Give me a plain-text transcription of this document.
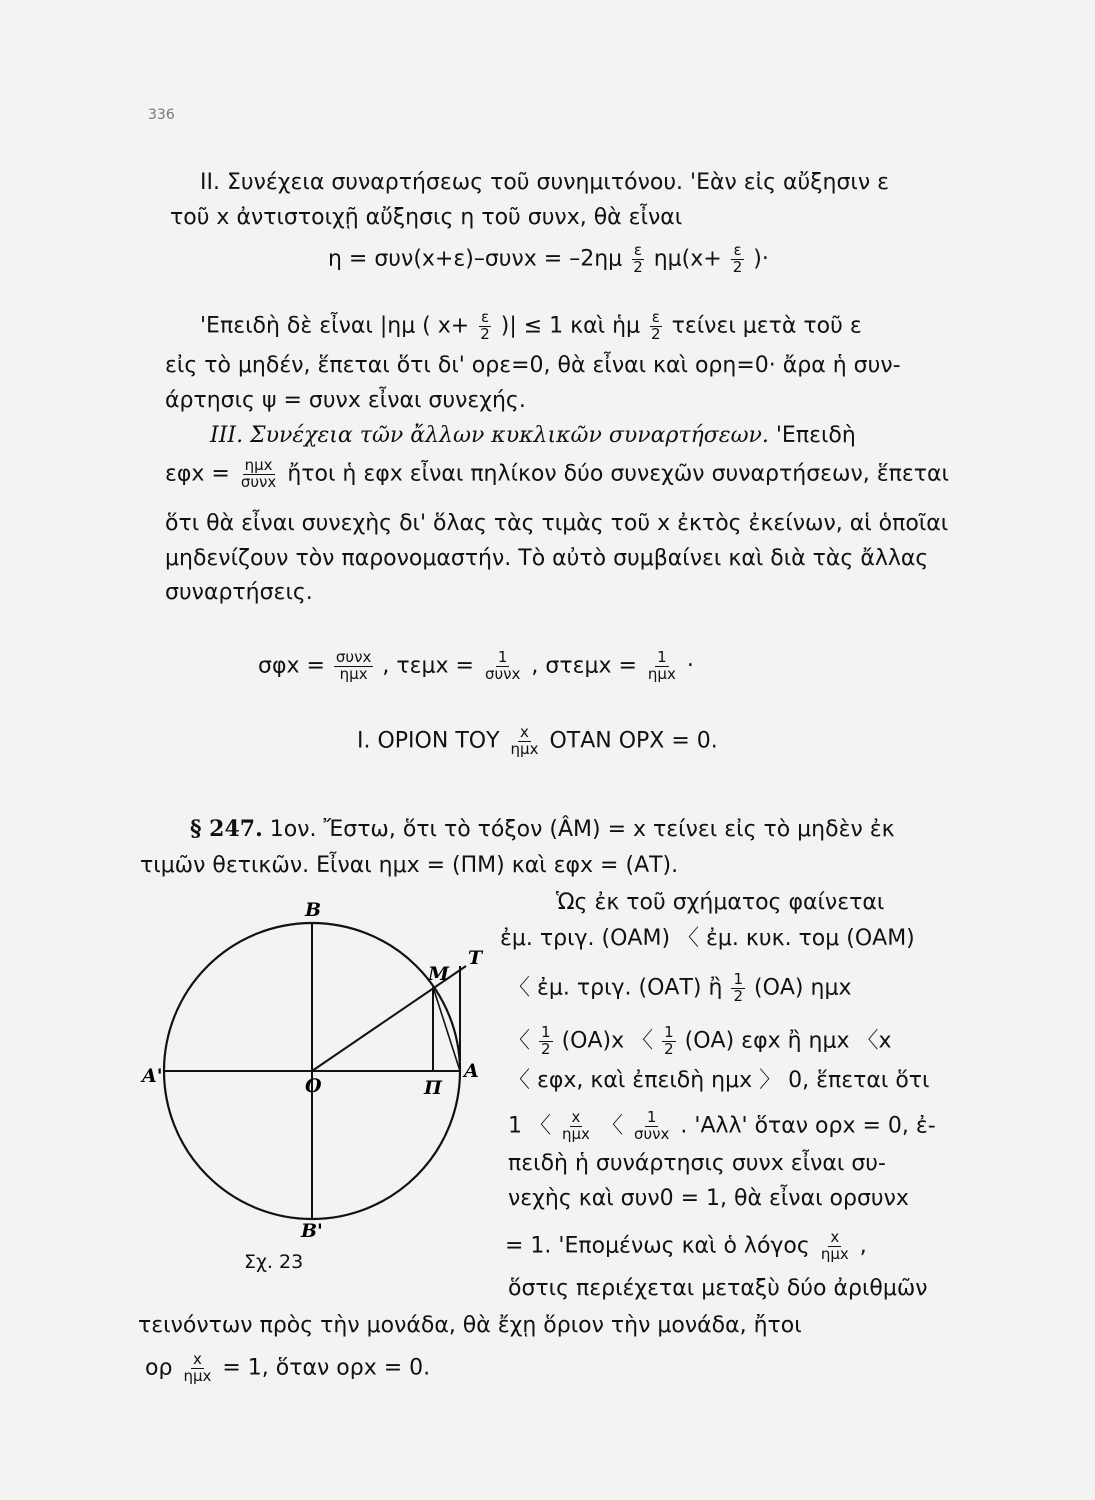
336
II. Συνέχεια συναρτήσεως τοῦ συνημιτόνου. 'Εὰν εἰς αὔξησιν ε
τοῦ x ἀντιστοιχῇ αὔξησις η τοῦ συνx, θὰ εἶναι
$\eta = \sigma\upsilon\nu(x+\varepsilon)-\sigma\upsilon\nu x = -2\eta\mu \frac{\varepsilon}{2} \eta\mu(x+ \frac{\varepsilon}{2}$ )·
'Επειδὴ δὲ εἶναι |ημ ( $x+ \frac{\varepsilon}{2}$ )| ≤ 1 καὶ ἡμ $\frac{\varepsilon}{2}$ τείνει μετὰ τοῦ ε
εἰς τὸ μηδέν, ἕπεται ὅτι δι' ορε=0, θὰ εἶναι καὶ ορη=0· ἄρα ἡ συν-
άρτησις ψ = συνx εἶναι συνεχής.
III. Συνέχεια τῶν ἄλλων κυκλικῶν συναρτήσεων. 'Επειδὴ
$\varepsilon\varphi x = \frac{\text{ημx}}{\text{συνx}}$ ἤτοι ἡ εφx εἶναι πηλίκον δύο συνεχῶν συναρτήσεων, ἕπεται
ὅτι θὰ εἶναι συνεχὴς δι' ὅλας τὰς τιμὰς τοῦ x ἐκτὸς ἐκείνων, αἱ ὁποῖαι
μηδενίζουν τὸν παρονομαστήν. Τὸ αὐτὸ συμβαίνει καὶ διὰ τὰς ἄλλας
συναρτήσεις.
$\sigma\varphi x = \frac{\text{συνx}}{\text{ημx}}$ , $\tau\varepsilon\mu x = \frac{1}{\text{συνx}}$ , $\sigma\tau\varepsilon\mu x = \frac{1}{\text{ημx}}$ ·
I. ΟΡΙΟΝ ΤΟΥ $\frac{x}{\text{ημx}}$ ΟΤΑΝ ΟΡX = 0.
§ 247. 1ον. Ἔστω, ὅτι τὸ τόξον (ÂM) = x τείνει εἰς τὸ μηδὲν ἐκ
τιμῶν θετικῶν. Εἶναι ημx = (ΠΜ) καὶ εφx = (ΑΤ).
Ὡς ἐκ τοῦ σχήματος φαίνεται
ἐμ. τριγ. (ΟΑΜ) 〈 ἐμ. κυκ. τομ (ΟΑΜ)
〈 ἐμ. τριγ. (ΟΑΤ) ἢ $\frac{1}{2} (OA)$ ημx
〈 $\frac{1}{2} (OA)x$ 〈 $\frac{1}{2} (OA)$ εφx ἢ ημx 〈x
〈 εφx, καὶ ἐπειδὴ ημx 〉 0, ἕπεται ὅτι
1 〈 $\frac{x}{\text{ημx}}$ 〈 $\frac{1}{\text{συνx}}$ . 'Αλλ' ὅταν ορx = 0, ἐ-
πειδὴ ἡ συνάρτησις συνx εἶναι συ-
νεχὴς καὶ συν0 = 1, θὰ εἶναι ορσυνx
= 1. 'Επομένως καὶ ὁ λόγος $\frac{x}{\text{ημx}}$ ,
ὅστις περιέχεται μεταξὺ δύο ἀριθμῶν
τεινόντων πρὸς τὴν μονάδα, θὰ ἔχῃ ὅριον τὴν μονάδα, ἤτοι
ορ $\frac{x}{\text{ημx}} = 1$, ὅταν ορx = 0.
B
B'
A
A'	O	Π
M
T
Σχ. 23
